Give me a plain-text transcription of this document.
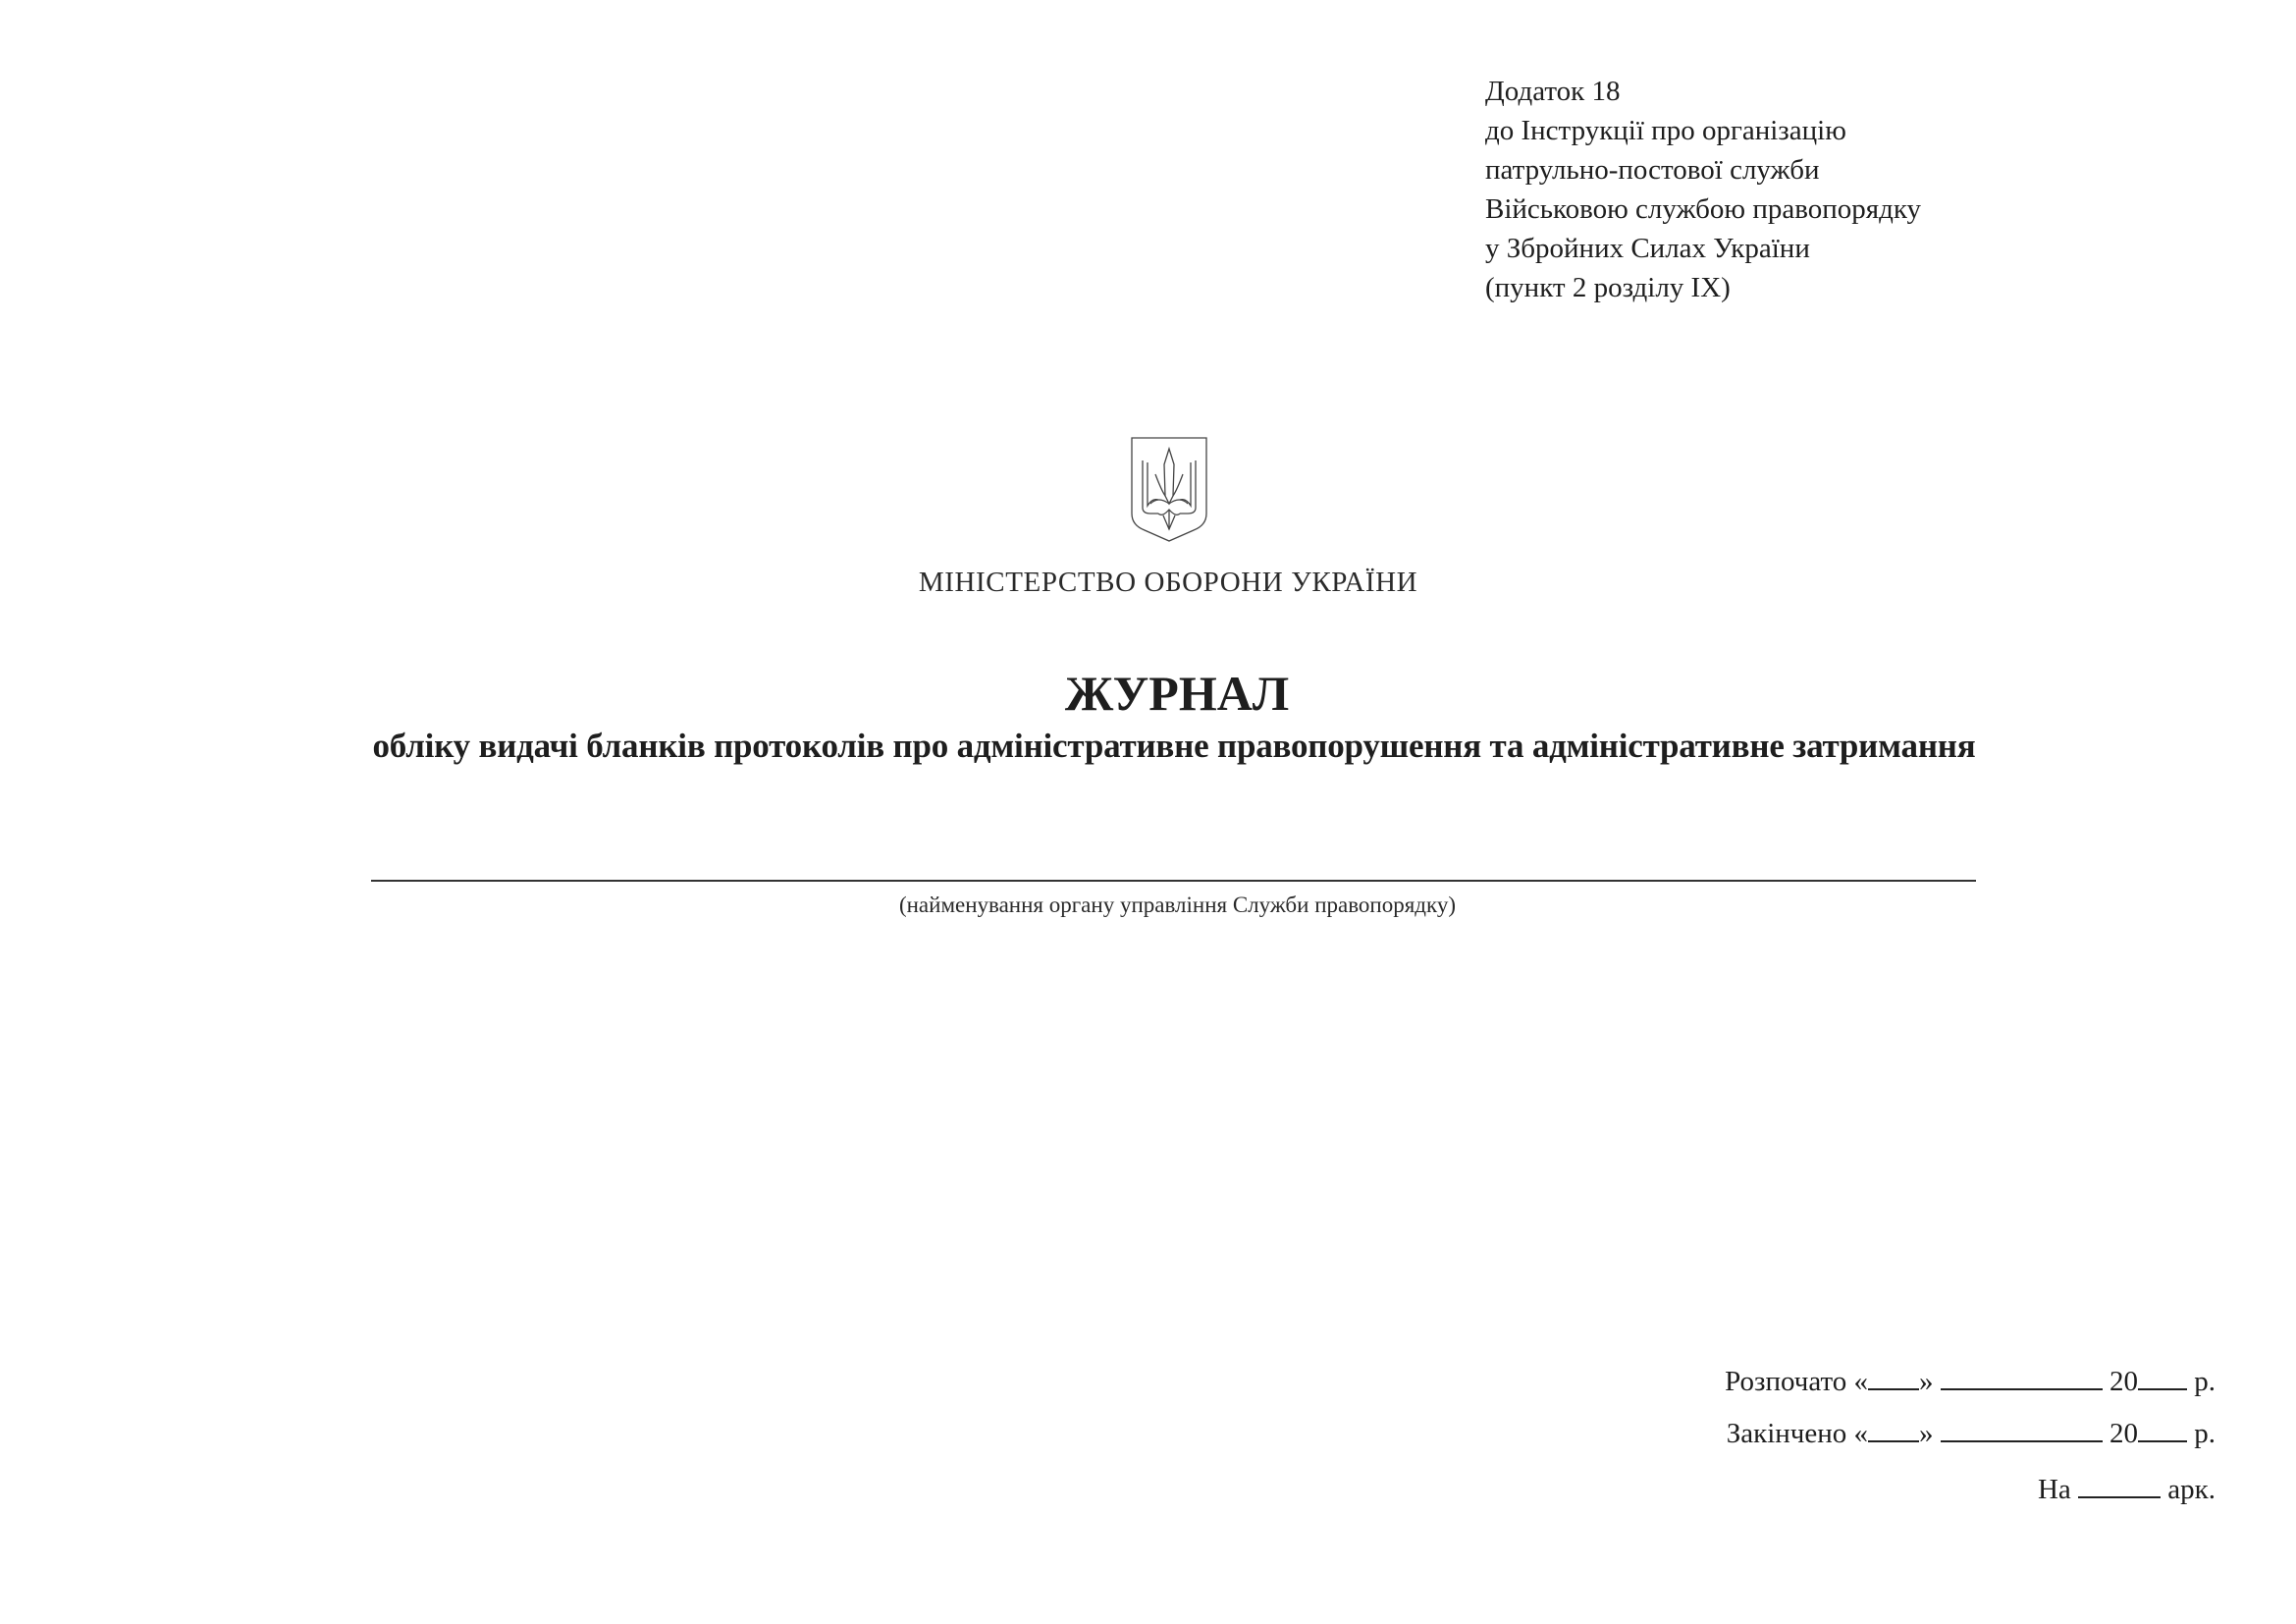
Додаток 18
до Інструкції про організацію
патрульно-постової служби
Військовою службою правопорядку
у Збройних Силах України
(пункт 2 розділу IX)
МІНІСТЕРСТВО ОБОРОНИ УКРАЇНИ
ЖУРНАЛ
обліку видачі бланків протоколів про адміністративне правопорушення та адміністративне затримання
(найменування органу управління Служби правопорядку)
Розпочато « »	20 р.
Закінчено « »	20 р.
На	арк.
